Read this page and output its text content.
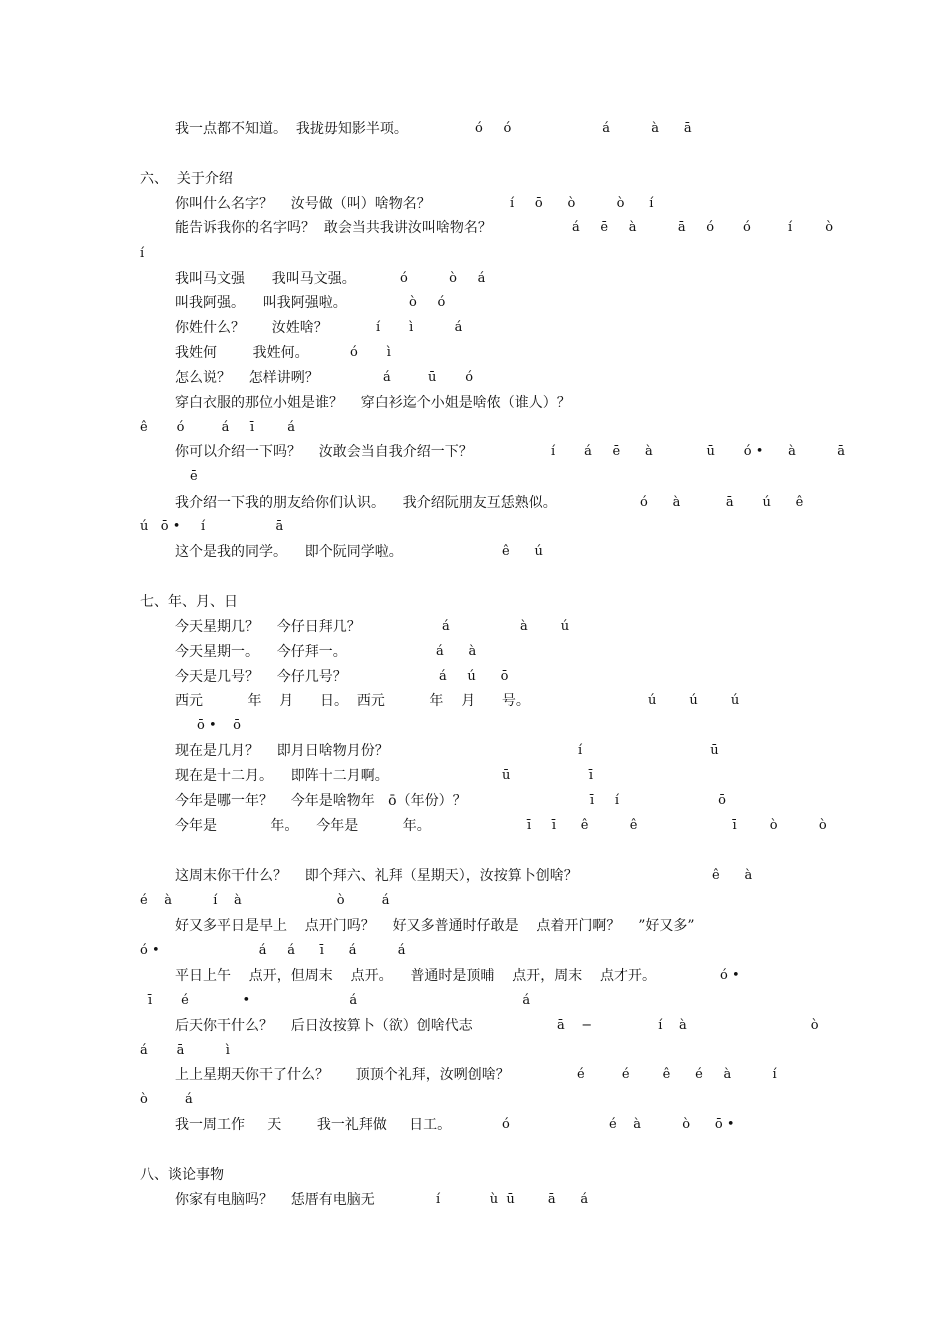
我一点都不知道。  我拢毋知影半项。	ó     ó                      á          à      ā
六、  关于介绍
你叫什么名字？    汝号做（叫）啥物名？	í     ō      ò          ò      í
能告诉我你的名字吗？  敢会当共我讲汝叫啥物名？	á     ē     à          ā     ó       ó         í        ò
í
我叫马文强      我叫马文强。	ó          ò     á
叫我阿强。    叫我阿强啦。	ò     ó
你姓什么？      汝姓啥？	í       ì          á
我姓何        我姓何。	ó       ì
怎么说？    怎样讲咧？	á         ū       ó
穿白衣服的那位小姐是谁？    穿白衫迄个小姐是啥侬（谁人）？
ê       ó         á     ī        á
你可以介绍一下吗？    汝敢会当自我介绍一下？	í       á     ē      à             ū       ó •      à          ā
ē
我介绍一下我的朋友给你们认识。    我介绍阮朋友互恁熟似。	ó      à           ā       ú      ê
ú   ō •     í                 ā
这个是我的同学。    即个阮同学啦。	ê      ú
七、年、月、日
今天星期几？    今仔日拜几？	á                 à        ú
今天星期一。    今仔拜一。	á      à
今天是几号？    今仔几号？	á     ú      ō
西元          年    月      日。  西元          年    月      号。	ú        ú        ú
ō •    ō
现在是几月？    即月日啥物月份？	í                               ū
现在是十二月。    即阵十二月啊。	ū                   ī
今年是哪一年？    今年是啥物年   ō（年份）？	ī     í                        ō
今年是            年。    今年是          年。	ī     ī      ê          ê                       ī        ò          ò
这周末你干什么？    即个拜六、礼拜（星期天），汝按算卜创啥？	ê      à
é    à          í    à                       ò         á
好又多平日是早上    点开门吗？    好又多普通时仔敢是    点着开门啊？    ”好又多”
ó •                        á     á      ī      á          á
平日上午    点开，但周末    点开。    普通时是顶晡    点开，周末    点才开。	ó •
ī       é             •                        á                                        á
后天你干什么？    后日汝按算卜（欲）创啥代志	ā    −                í    à                              ò
á       ā          ì
上上星期天你干了什么？      顶顶个礼拜，汝咧创啥？	é         é        ê      é     à          í
ò         á
我一周工作     天        我一礼拜做     日工。	ó                        é    à          ò      ō •
八、谈论事物
你家有电脑吗？    恁厝有电脑无	í            ù  ū        ā      á
